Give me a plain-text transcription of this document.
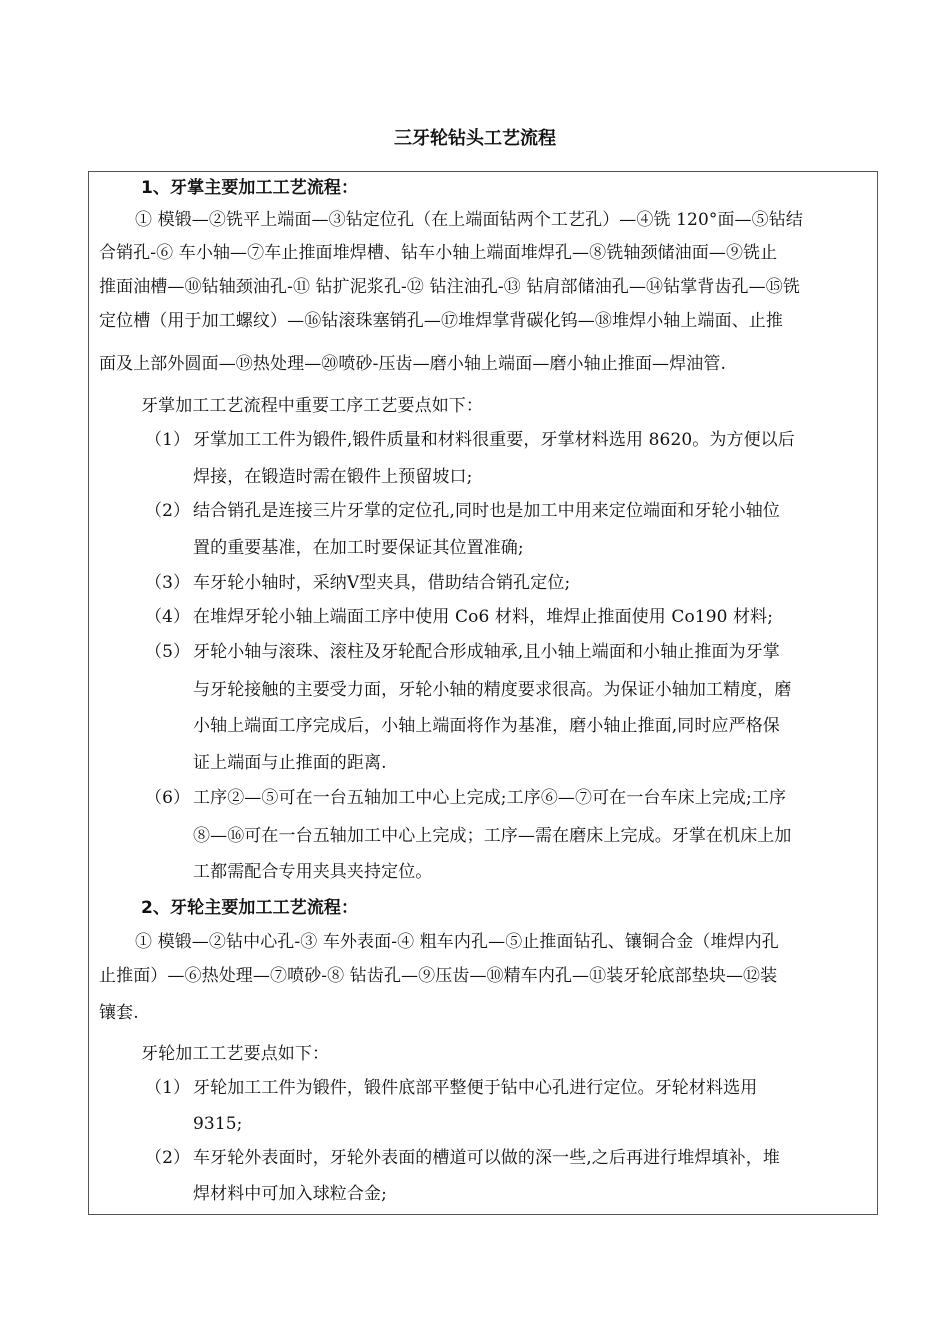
三牙轮钻头工艺流程
1、牙掌主要加工工艺流程：
① 模锻—②铣平上端面—③钻定位孔（在上端面钻两个工艺孔）—④铣 120°面—⑤钻结
合销孔-⑥ 车小轴—⑦车止推面堆焊槽、钻车小轴上端面堆焊孔—⑧铣轴颈储油面—⑨铣止
推面油槽—⑩钻轴颈油孔-⑪ 钻扩泥浆孔-⑫ 钻注油孔-⑬ 钻肩部储油孔—⑭钻掌背齿孔—⑮铣
定位槽（用于加工螺纹）—⑯钻滚珠塞销孔—⑰堆焊掌背碳化钨—⑱堆焊小轴上端面、止推
面及上部外圆面—⑲热处理—⑳喷砂-压齿—磨小轴上端面—磨小轴止推面—焊油管.
牙掌加工工艺流程中重要工序工艺要点如下：
（1） 牙掌加工工件为锻件,锻件质量和材料很重要，牙掌材料选用 8620。为方便以后
焊接，在锻造时需在锻件上预留坡口;
（2） 结合销孔是连接三片牙掌的定位孔,同时也是加工中用来定位端面和牙轮小轴位
置的重要基准，在加工时要保证其位置准确;
（3） 车牙轮小轴时，采纳Ⅴ型夹具，借助结合销孔定位;
（4） 在堆焊牙轮小轴上端面工序中使用 Co6 材料，堆焊止推面使用 Co190 材料;
（5） 牙轮小轴与滚珠、滚柱及牙轮配合形成轴承,且小轴上端面和小轴止推面为牙掌
与牙轮接触的主要受力面，牙轮小轴的精度要求很高。为保证小轴加工精度，磨
小轴上端面工序完成后，小轴上端面将作为基准，磨小轴止推面,同时应严格保
证上端面与止推面的距离.
（6） 工序②—⑤可在一台五轴加工中心上完成;工序⑥—⑦可在一台车床上完成;工序
⑧—⑯可在一台五轴加工中心上完成；工序—需在磨床上完成。牙掌在机床上加
工都需配合专用夹具夹持定位。
2、牙轮主要加工工艺流程：
① 模锻—②钻中心孔-③ 车外表面-④ 粗车内孔—⑤止推面钻孔、镶铜合金（堆焊内孔
止推面）—⑥热处理—⑦喷砂-⑧ 钻齿孔—⑨压齿—⑩精车内孔—⑪装牙轮底部垫块—⑫装
镶套.
牙轮加工工艺要点如下：
（1） 牙轮加工工件为锻件，锻件底部平整便于钻中心孔进行定位。牙轮材料选用
9315;
（2） 车牙轮外表面时，牙轮外表面的槽道可以做的深一些,之后再进行堆焊填补，堆
焊材料中可加入球粒合金;
